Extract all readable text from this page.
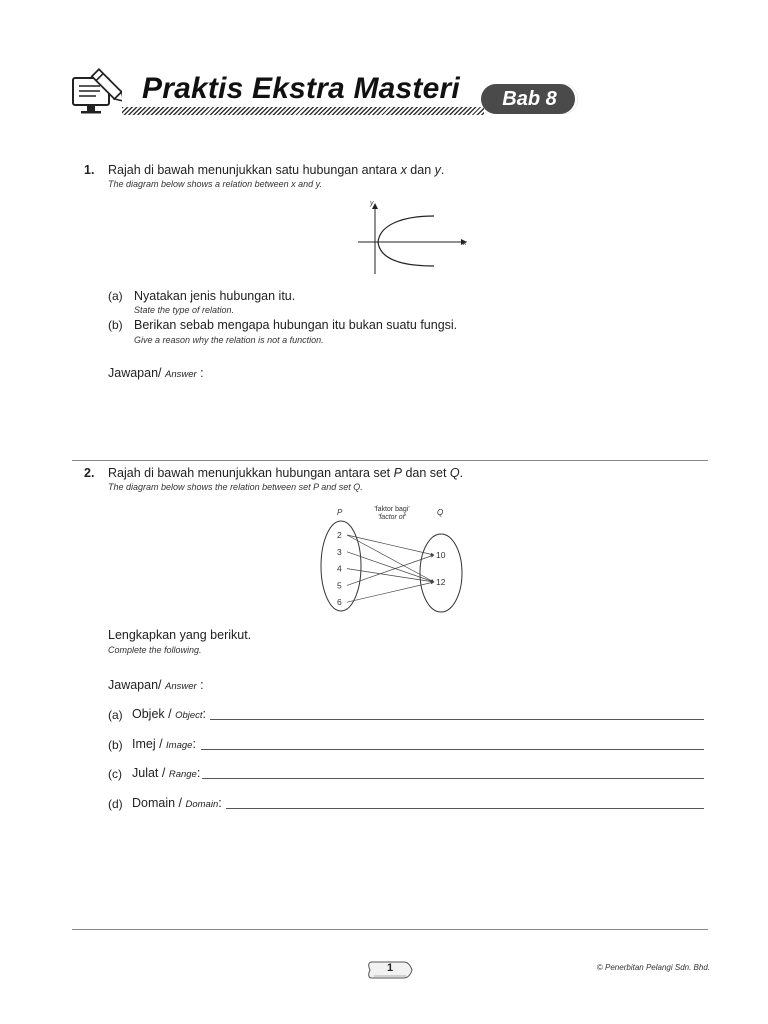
Praktis Ekstra Masteri	Bab 8
1. Rajah di bawah menunjukkan satu hubungan antara x dan y.
The diagram below shows a relation between x and y.
y
x
(a) Nyatakan jenis hubungan itu.
State the type of relation.
(b) Berikan sebab mengapa hubungan itu bukan suatu fungsi.
Give a reason why the relation is not a function.
Jawapan/ Answer :
2. Rajah di bawah menunjukkan hubungan antara set P dan set Q.
The diagram below shows the relation between set P and set Q.
P	Q
'faktor bagi'
'factor of'
2
3
4
5
6
10
12
Lengkapkan yang berikut.
Complete the following.
Jawapan/ Answer :
(a) Objek / Object:
(b) Imej / Image:
(c) Julat / Range:
(d) Domain / Domain:
1	© Penerbitan Pelangi Sdn. Bhd.
